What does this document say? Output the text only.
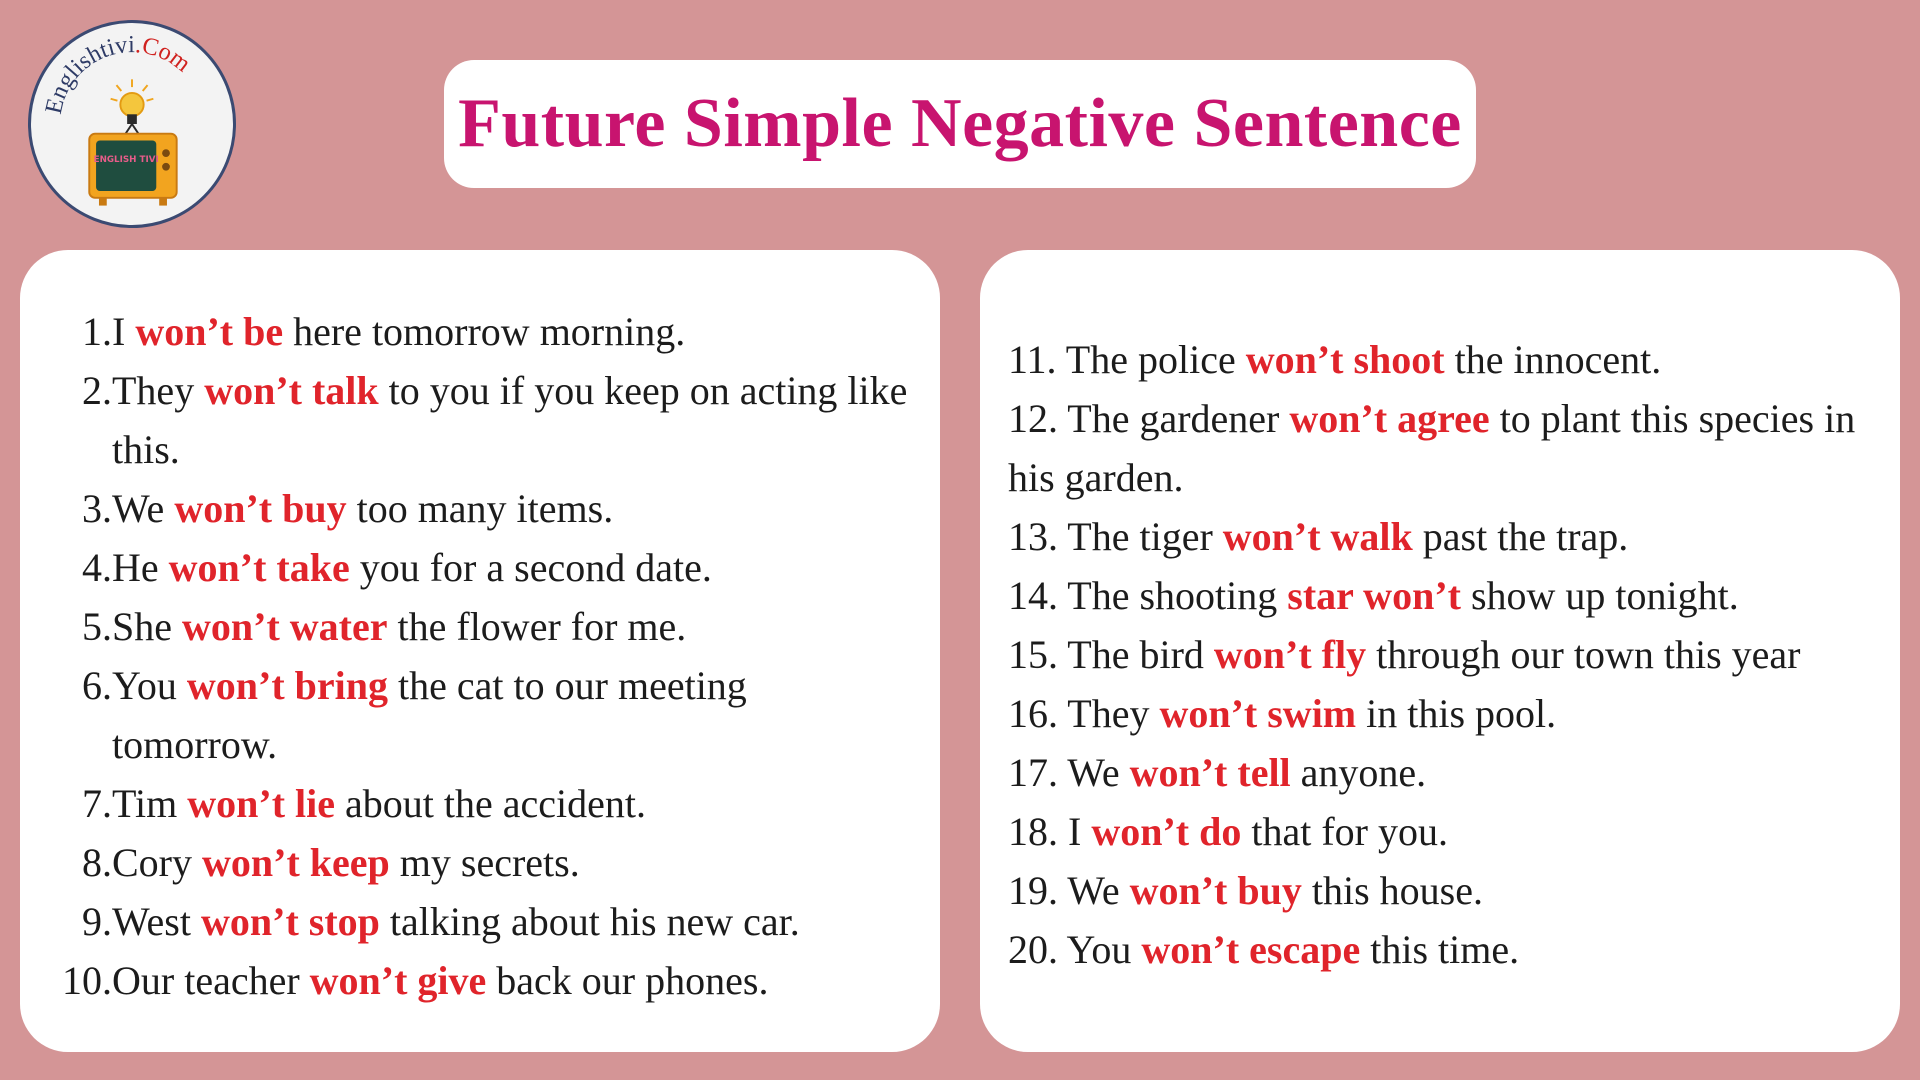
Englishtivi.Com
ENGLISH TIVI	Future Simple Negative Sentence
1. I won’t be here tomorrow morning.
2. They won’t talk to you if you keep on acting like this.
3. We won’t buy too many items.
4. He won’t take you for a second date.
5. She won’t water the flower for me.
6. You won’t bring the cat to our meeting tomorrow.
7. Tim won’t lie about the accident.
8. Cory won’t keep my secrets.
9. West won’t stop talking about his new car.
10. Our teacher won’t give back our phones.
11. The police won’t shoot the innocent.
12. The gardener won’t agree to plant this species in his garden.
13. The tiger won’t walk past the trap.
14. The shooting star won’t show up tonight.
15. The bird won’t fly through our town this year
16. They won’t swim in this pool.
17. We won’t tell anyone.
18. I won’t do that for you.
19. We won’t buy this house.
20. You won’t escape this time.
